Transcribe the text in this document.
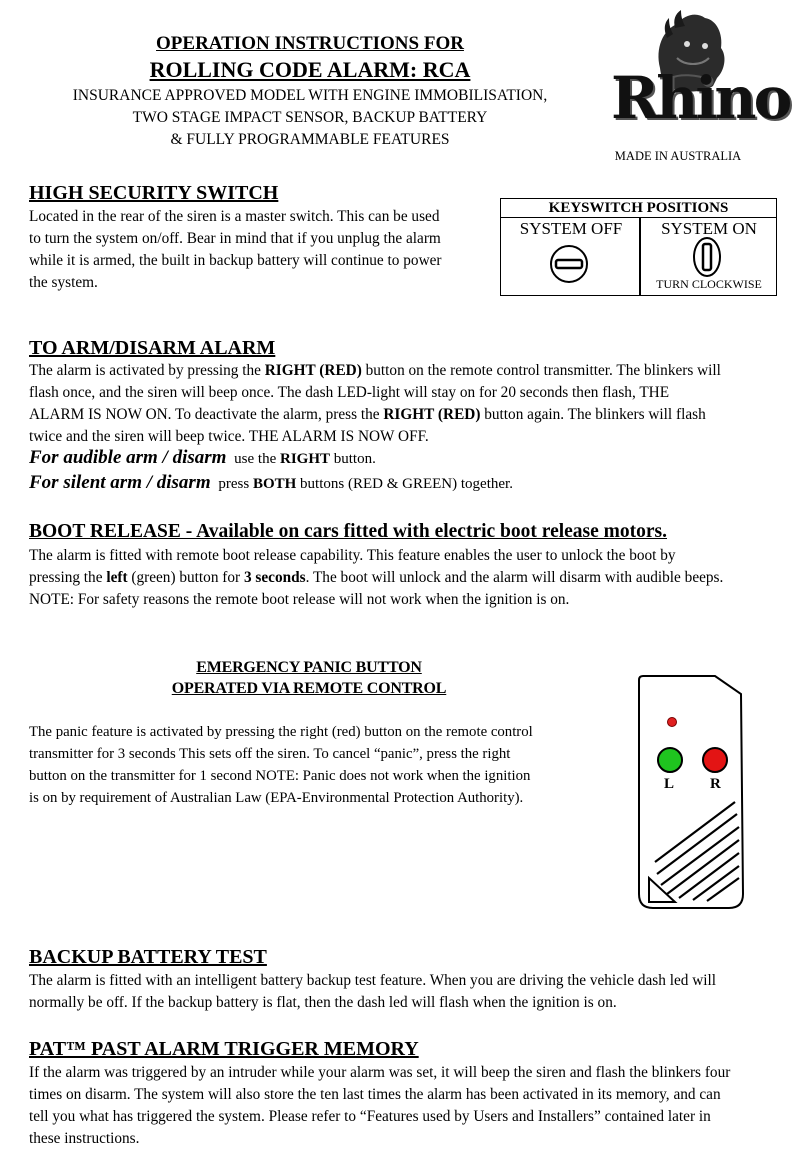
OPERATION INSTRUCTIONS FOR
ROLLING CODE ALARM: RCA
INSURANCE APPROVED MODEL WITH ENGINE IMMOBILISATION,
TWO STAGE IMPACT SENSOR, BACKUP BATTERY
& FULLY PROGRAMMABLE FEATURES
Rhino
MADE IN AUSTRALIA
HIGH SECURITY SWITCH
Located in the rear of the siren is a master switch. This can be used
to turn the system on/off. Bear in mind that if you unplug the alarm
while it is armed, the built in backup battery will continue to power
the system.
KEYSWITCH POSITIONS
SYSTEM OFF	SYSTEM ON
TURN CLOCKWISE
TO ARM/DISARM ALARM
The alarm is activated by pressing the RIGHT (RED) button on the remote control transmitter. The blinkers will
flash once, and the siren will beep once. The dash LED-light will stay on for 20 seconds then flash, THE
ALARM IS NOW ON. To deactivate the alarm, press the RIGHT (RED) button again. The blinkers will flash
twice and the siren will beep twice. THE ALARM IS NOW OFF.
For audible arm / disarm use the RIGHT button.
For silent arm / disarm press BOTH buttons (RED & GREEN) together.
BOOT RELEASE - Available on cars fitted with electric boot release motors.
The alarm is fitted with remote boot release capability. This feature enables the user to unlock the boot by
pressing the left (green) button for 3 seconds. The boot will unlock and the alarm will disarm with audible beeps.
NOTE: For safety reasons the remote boot release will not work when the ignition is on.
EMERGENCY PANIC BUTTON
OPERATED VIA REMOTE CONTROL
The panic feature is activated by pressing the right (red) button on the remote control
transmitter for 3 seconds This sets off the siren. To cancel “panic”, press the right
button on the transmitter for 1 second NOTE: Panic does not work when the ignition
is on by requirement of Australian Law (EPA-Environmental Protection Authority).
L R
BACKUP BATTERY TEST
The alarm is fitted with an intelligent battery backup test feature. When you are driving the vehicle dash led will
normally be off. If the backup battery is flat, then the dash led will flash when the ignition is on.
PAT™ PAST ALARM TRIGGER MEMORY
If the alarm was triggered by an intruder while your alarm was set, it will beep the siren and flash the blinkers four
times on disarm. The system will also store the ten last times the alarm has been activated in its memory, and can
tell you what has triggered the system. Please refer to “Features used by Users and Installers” contained later in
these instructions.
